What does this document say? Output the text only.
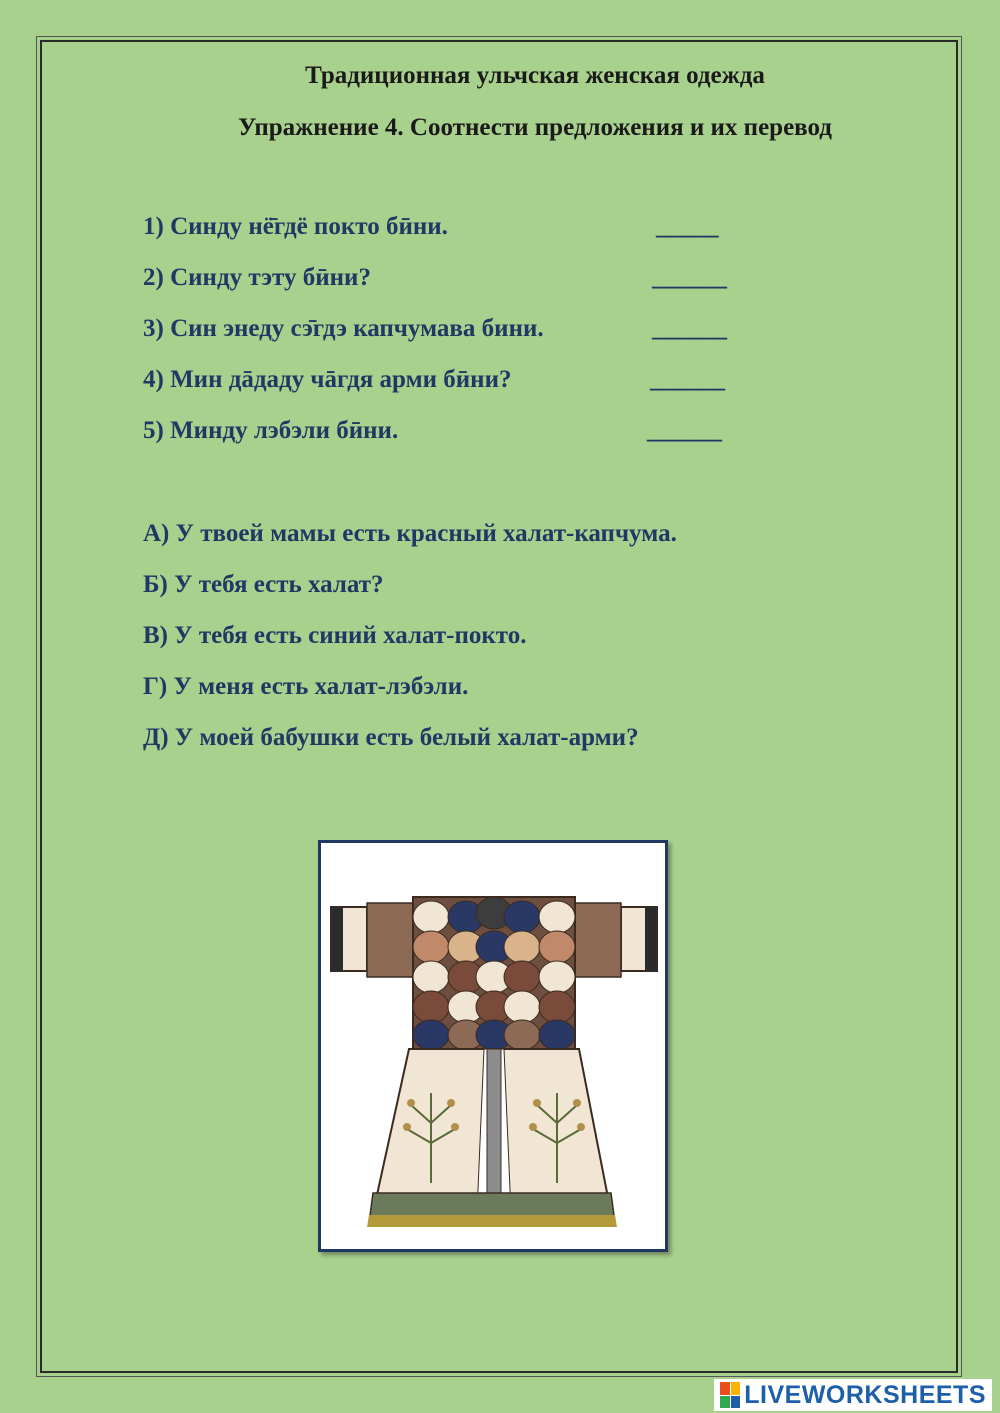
Традиционная ульчская женская одежда
Упражнение 4. Соотнести предложения и их перевод
1) Синду нё̄гдё покто бӣни.	_____
2) Синду тэту бӣни?	______
3) Син энеду сэ̄гдэ капчумава бини.	______
4) Мин дāдаду чāгдя арми бӣни?	______
5) Минду лэбэли бӣни.	______
А) У твоей мамы есть красный халат-капчума.
Б) У тебя есть халат?
В) У тебя есть синий халат-покто.
Г) У меня есть халат-лэбэли.
Д) У моей бабушки есть белый халат-арми?
LIVEWORKSHEETS
